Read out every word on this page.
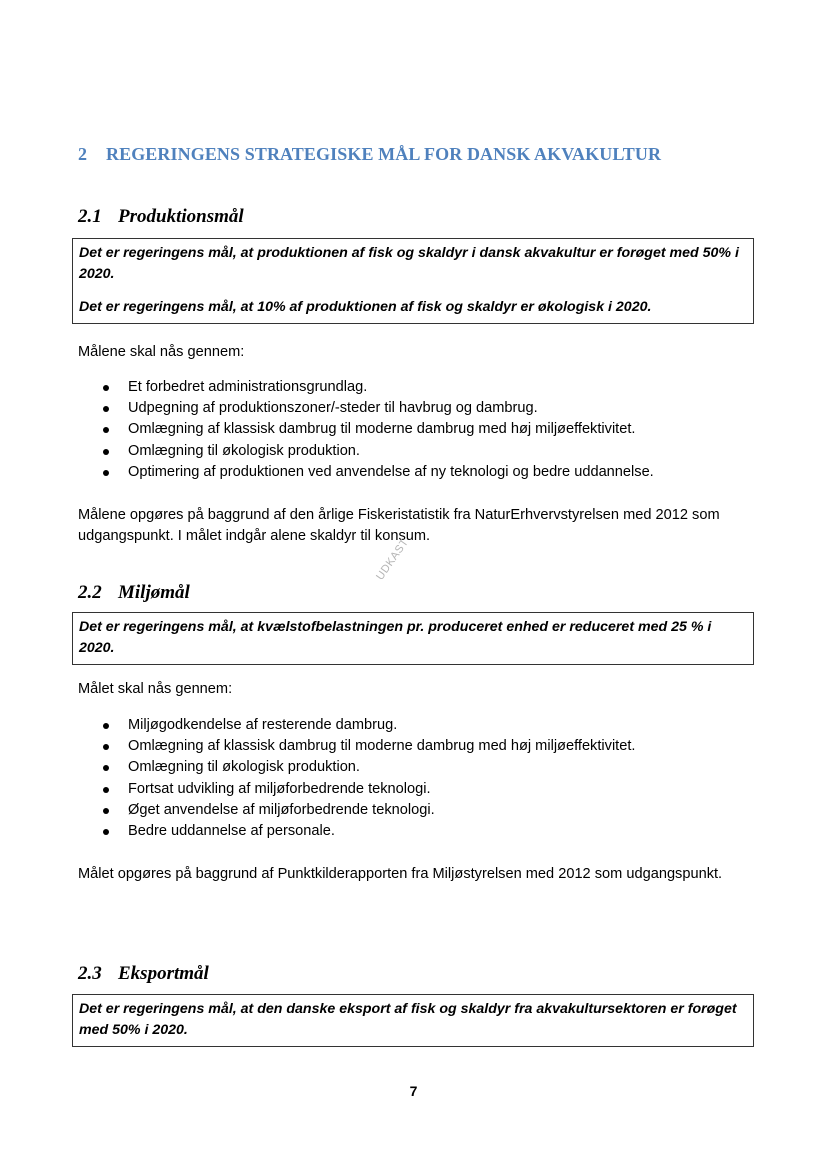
2 REGERINGENS STRATEGISKE MÅL FOR DANSK AKVAKULTUR
2.1 Produktionsmål

Det er regeringens mål, at produktionen af fisk og skaldyr i dansk akvakultur er forøget med 50% i 2020.

Det er regeringens mål, at 10% af produktionen af fisk og skaldyr er økologisk i 2020.

Målene skal nås gennem:
Et forbedret administrationsgrundlag.
Udpegning af produktionszoner/-steder til havbrug og dambrug.
Omlægning af klassisk dambrug til moderne dambrug med høj miljøeffektivitet.
Omlægning til økologisk produktion.
Optimering af produktionen ved anvendelse af ny teknologi og bedre uddannelse.
Målene opgøres på baggrund af den årlige Fiskeristatistik fra NaturErhvervstyrelsen med 2012 som udgangspunkt. I målet indgår alene skaldyr til konsum.
UDKAST
2.2 Miljømål

Det er regeringens mål, at kvælstofbelastningen pr. produceret enhed er reduceret med 25 % i 2020.

Målet skal nås gennem:
Miljøgodkendelse af resterende dambrug.
Omlægning af klassisk dambrug til moderne dambrug med høj miljøeffektivitet.
Omlægning til økologisk produktion.
Fortsat udvikling af miljøforbedrende teknologi.
Øget anvendelse af miljøforbedrende teknologi.
Bedre uddannelse af personale.
Målet opgøres på baggrund af Punktkilderapporten fra Miljøstyrelsen med 2012 som udgangspunkt.
2.3 Eksportmål

Det er regeringens mål, at den danske eksport af fisk og skaldyr fra akvakultursektoren er forøget med 50% i 2020.

7
